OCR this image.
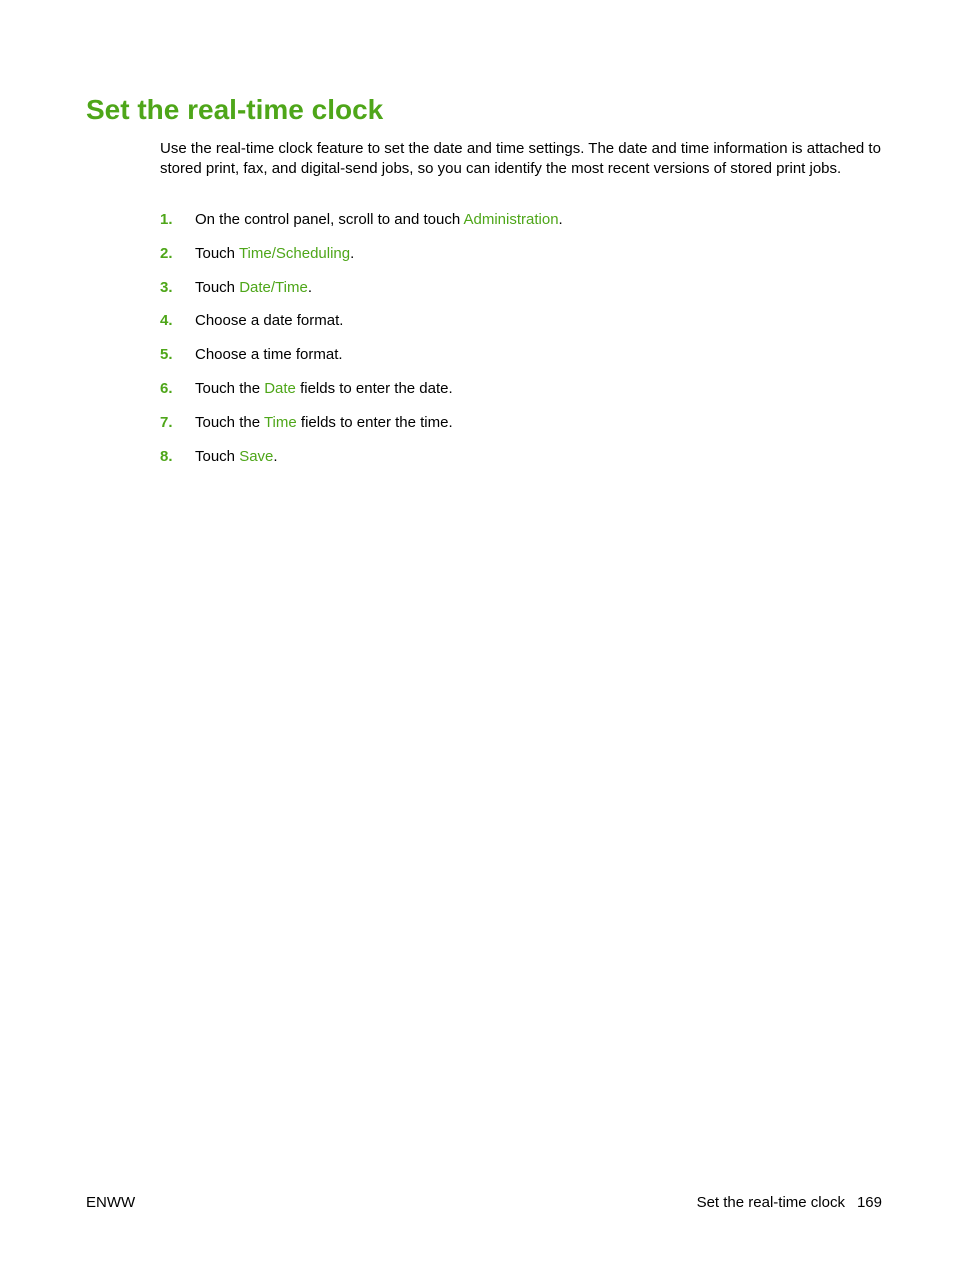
Set the real-time clock

Use the real-time clock feature to set the date and time settings. The date and time information is attached to stored print, fax, and digital-send jobs, so you can identify the most recent versions of stored print jobs.

1. On the control panel, scroll to and touch Administration.
2. Touch Time/Scheduling.
3. Touch Date/Time.
4. Choose a date format.
5. Choose a time format.
6. Touch the Date fields to enter the date.
7. Touch the Time fields to enter the time.
8. Touch Save.
ENWW	Set the real-time clock 169
